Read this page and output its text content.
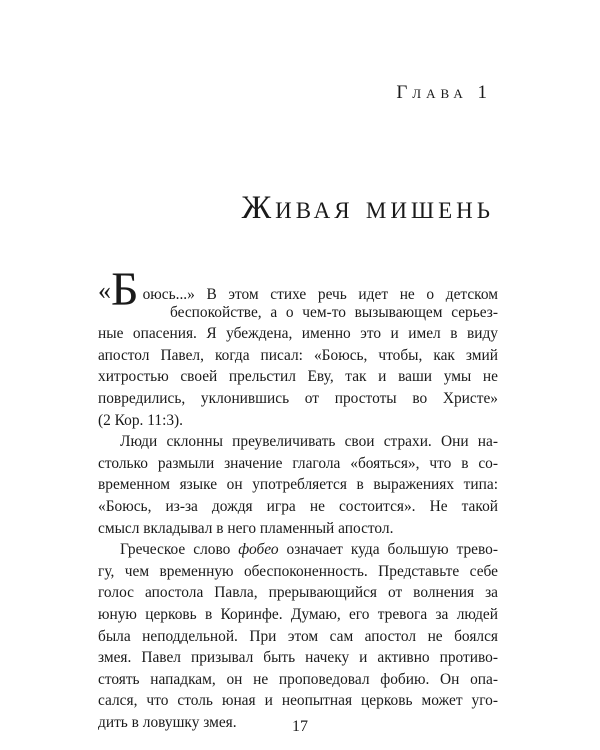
Глава 1
Живая мишень
«Б оюсь...» В этом стихе речь идет не о детском
беспокойстве, а о чем-то вызывающем серьез-
ные опасения. Я убеждена, именно это и имел в виду
апостол Павел, когда писал: «Боюсь, чтобы, как змий
хитростью своей прельстил Еву, так и ваши умы не
повредились, уклонившись от простоты во Христе»
(2 Кор. 11:3).
Люди склонны преувеличивать свои страхи. Они на-
столько размыли значение глагола «бояться», что в со-
временном языке он употребляется в выражениях типа:
«Боюсь, из-за дождя игра не состоится». Не такой
смысл вкладывал в него пламенный апостол.
Греческое слово фобео означает куда большую трево-
гу, чем временную обеспоконенность. Представьте себе
голос апостола Павла, прерывающийся от волнения за
юную церковь в Коринфе. Думаю, его тревога за людей
была неподдельной. При этом сам апостол не боялся
змея. Павел призывал быть начеку и активно противо-
стоять нападкам, он не проповедовал фобию. Он опа-
сался, что столь юная и неопытная церковь может уго-
дить в ловушку змея.	17
